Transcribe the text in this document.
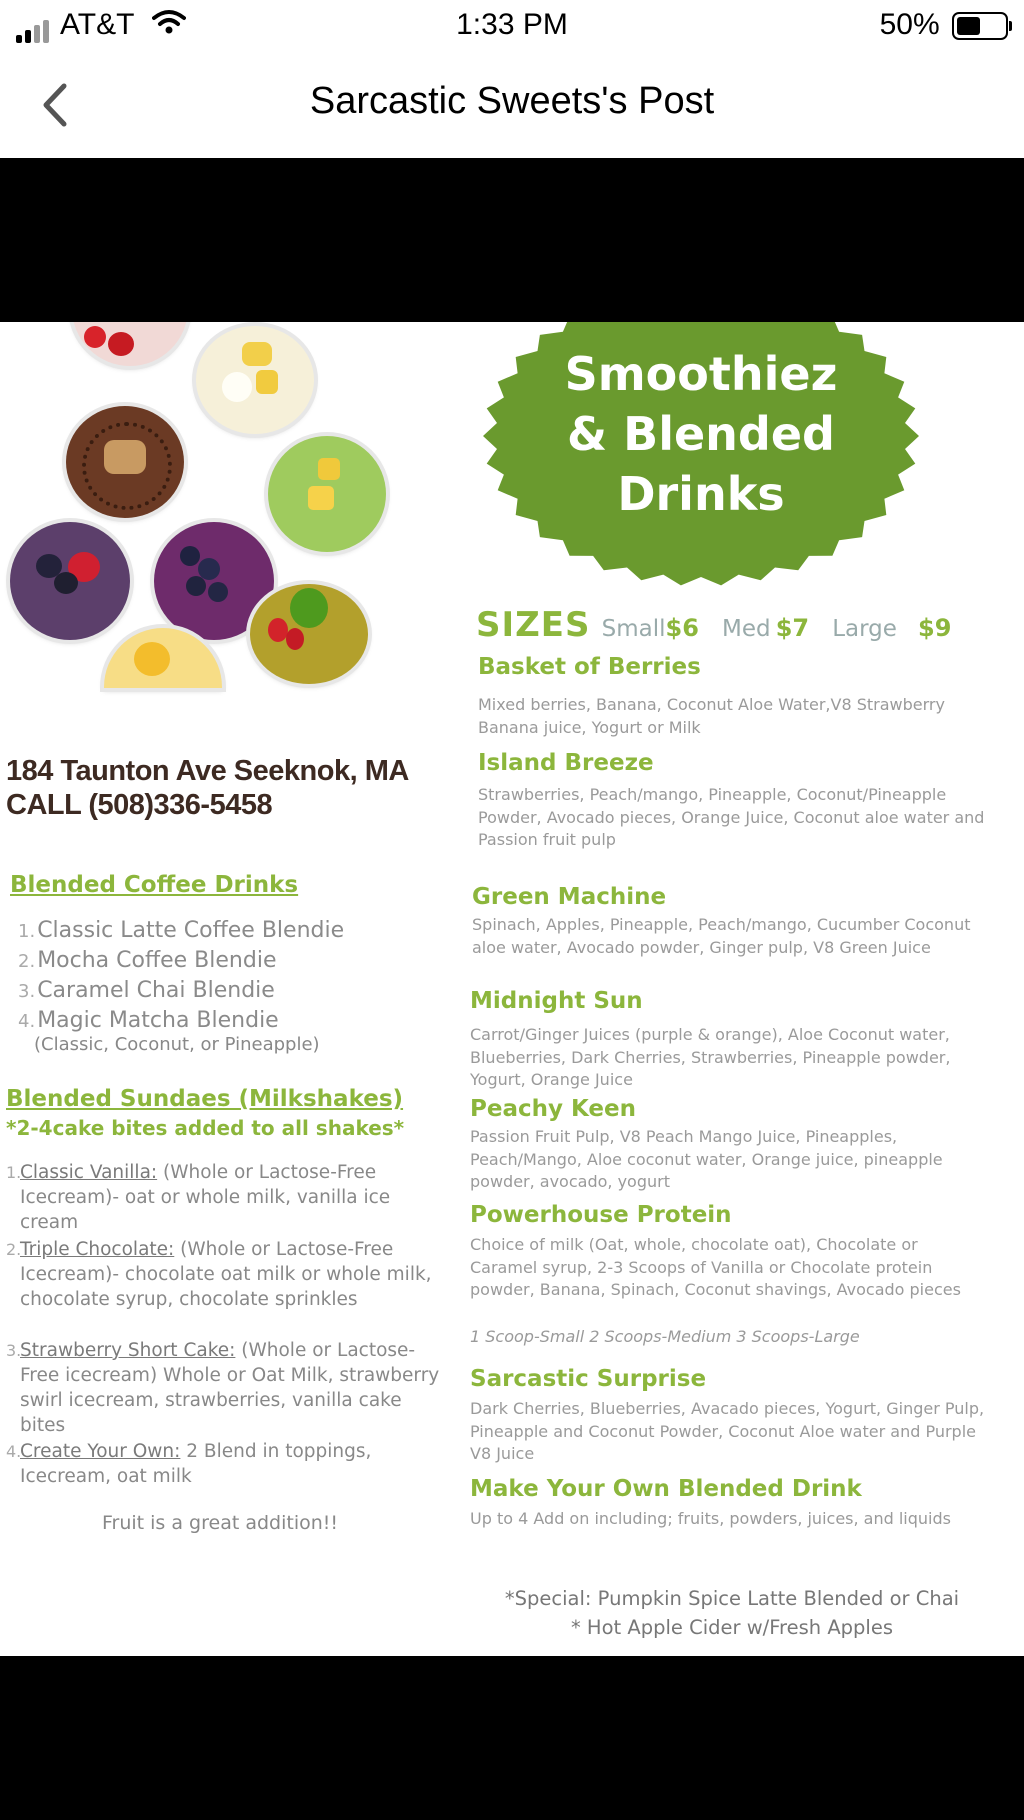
AT&T	1:33 PM	50%
Sarcastic Sweets's Post
184 Taunton Ave Seeknok, MA
CALL (508)336-5458
Blended Coffee Drinks
1.Classic Latte Coffee Blendie
2.Mocha Coffee Blendie
3.Caramel Chai Blendie
4.Magic Matcha Blendie
(Classic, Coconut, or Pineapple)
Blended Sundaes (Milkshakes)
*2-4cake bites added to all shakes*
1.
Classic Vanilla: (Whole or Lactose-Free Icecream)- oat or whole milk, vanilla ice cream
2.
Triple Chocolate: (Whole or Lactose-Free Icecream)- chocolate oat milk or whole milk, chocolate syrup, chocolate sprinkles
3.
Strawberry Short Cake: (Whole or Lactose-Free icecream) Whole or Oat Milk, strawberry swirl icecream, strawberries, vanilla cake bites
4.
Create Your Own: 2 Blend in toppings, Icecream, oat milk
Fruit is a great addition!!
Smoothiez
& Blended
Drinks
SIZES Small$6 Med $7 Large $9
Basket of Berries
Mixed berries, Banana, Coconut Aloe Water,V8 Strawberry Banana juice, Yogurt or Milk
Island Breeze
Strawberries, Peach/mango, Pineapple, Coconut/Pineapple Powder, Avocado pieces, Orange Juice, Coconut aloe water and Passion fruit pulp
Green Machine
Spinach, Apples, Pineapple, Peach/mango, Cucumber Coconut aloe water, Avocado powder, Ginger pulp, V8 Green Juice
Midnight Sun
Carrot/Ginger Juices (purple & orange), Aloe Coconut water, Blueberries, Dark Cherries, Strawberries, Pineapple powder, Yogurt, Orange Juice
Peachy Keen
Passion Fruit Pulp, V8 Peach Mango Juice, Pineapples, Peach/Mango, Aloe coconut water, Orange juice, pineapple powder, avocado, yogurt
Powerhouse Protein
Choice of milk (Oat, whole, chocolate oat), Chocolate or Caramel syrup, 2-3 Scoops of Vanilla or Chocolate protein powder, Banana, Spinach, Coconut shavings, Avocado pieces
1 Scoop-Small 2 Scoops-Medium 3 Scoops-Large
Sarcastic Surprise
Dark Cherries, Blueberries, Avacado pieces, Yogurt, Ginger Pulp, Pineapple and Coconut Powder, Coconut Aloe water and Purple V8 Juice
Make Your Own Blended Drink
Up to 4 Add on including; fruits, powders, juices, and liquids
*Special: Pumpkin Spice Latte Blended or Chai
* Hot Apple Cider w/Fresh Apples
